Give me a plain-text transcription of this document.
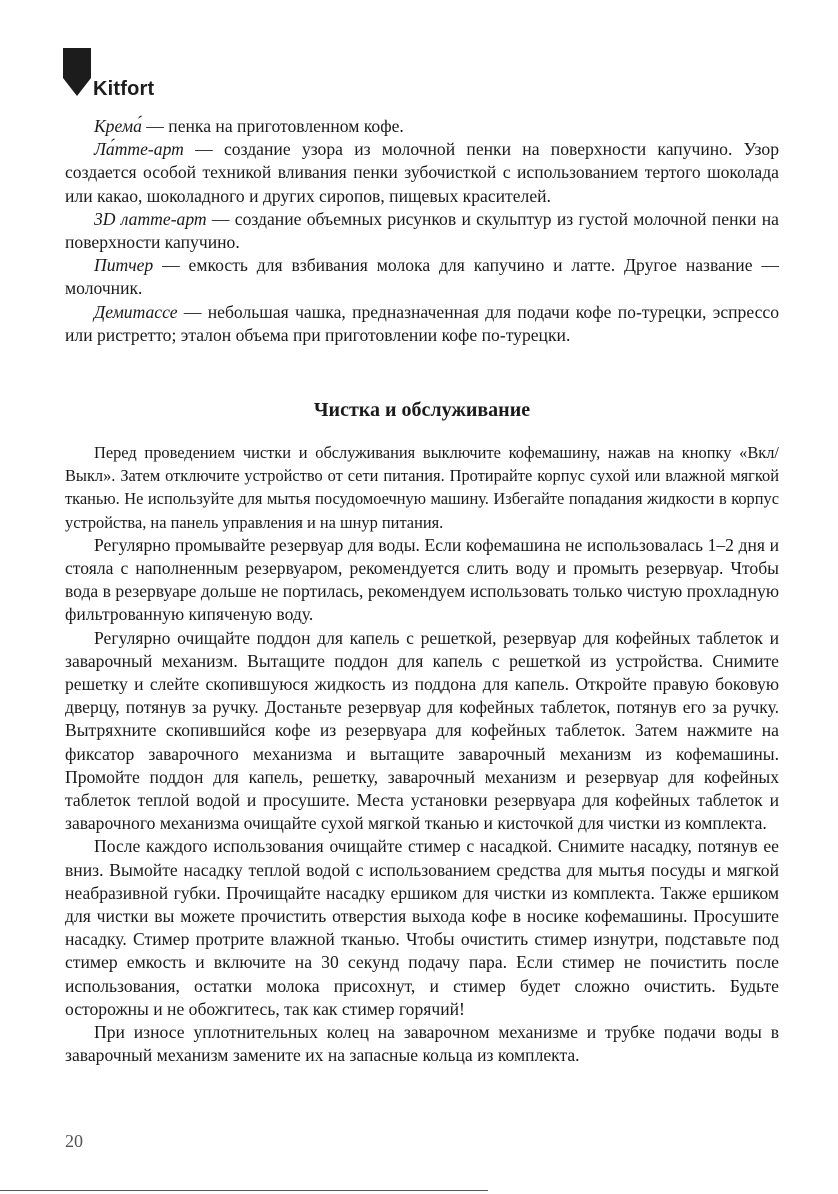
Kitfort

Крема́ — пенка на приготовленном кофе.

Ла́тте-арт — создание узора из молочной пенки на поверхности капучино. Узор создается особой техникой вливания пенки зубочисткой с использованием тертого шоколада или какао, шоколадного и других сиропов, пищевых красителей.

3D латте-арт — создание объемных рисунков и скульптур из густой молочной пенки на поверхности капучино.

Питчер — емкость для взбивания молока для капучино и латте. Другое название — молочник.

Демитассе — небольшая чашка, предназначенная для подачи кофе по-турецки, эспрессо или ристретто; эталон объема при приготовлении кофе по-турецки.

Чистка и обслуживание

Перед проведением чистки и обслуживания выключите кофемашину, нажав на кнопку «Вкл/Выкл». Затем отключите устройство от сети питания. Протирайте корпус сухой или влажной мягкой тканью. Не используйте для мытья посудомоечную машину. Избегайте попадания жидкости в корпус устройства, на панель управления и на шнур питания.

Регулярно промывайте резервуар для воды. Если кофемашина не использовалась 1–2 дня и стояла с наполненным резервуаром, рекомендуется слить воду и промыть резервуар. Чтобы вода в резервуаре дольше не портилась, рекомендуем использовать только чистую прохладную фильтрованную кипяченую воду.

Регулярно очищайте поддон для капель с решеткой, резервуар для кофейных таблеток и заварочный механизм. Вытащите поддон для капель с решеткой из устройства. Снимите решетку и слейте скопившуюся жидкость из поддона для капель. Откройте правую боковую дверцу, потянув за ручку. Достаньте резервуар для кофейных таблеток, потянув его за ручку. Вытряхните скопившийся кофе из резервуара для кофейных таблеток. Затем нажмите на фиксатор заварочного механизма и вытащите заварочный механизм из кофемашины. Промойте поддон для капель, решетку, заварочный механизм и резервуар для кофейных таблеток теплой водой и просушите. Места установки резервуара для кофейных таблеток и заварочного механизма очищайте сухой мягкой тканью и кисточкой для чистки из комплекта.

После каждого использования очищайте стимер с насадкой. Снимите насадку, потянув ее вниз. Вымойте насадку теплой водой с использованием средства для мытья посуды и мягкой неабразивной губки. Прочищайте насадку ершиком для чистки из комплекта. Также ершиком для чистки вы можете прочистить отверстия выхода кофе в носике кофемашины. Просушите насадку. Стимер протрите влажной тканью. Чтобы очистить стимер изнутри, подставьте под стимер емкость и включите на 30 секунд подачу пара. Если стимер не почистить после использования, остатки молока присохнут, и стимер будет сложно очистить. Будьте осторожны и не обожгитесь, так как стимер горячий!

При износе уплотнительных колец на заварочном механизме и трубке подачи воды в заварочный механизм замените их на запасные кольца из комплекта.

20
